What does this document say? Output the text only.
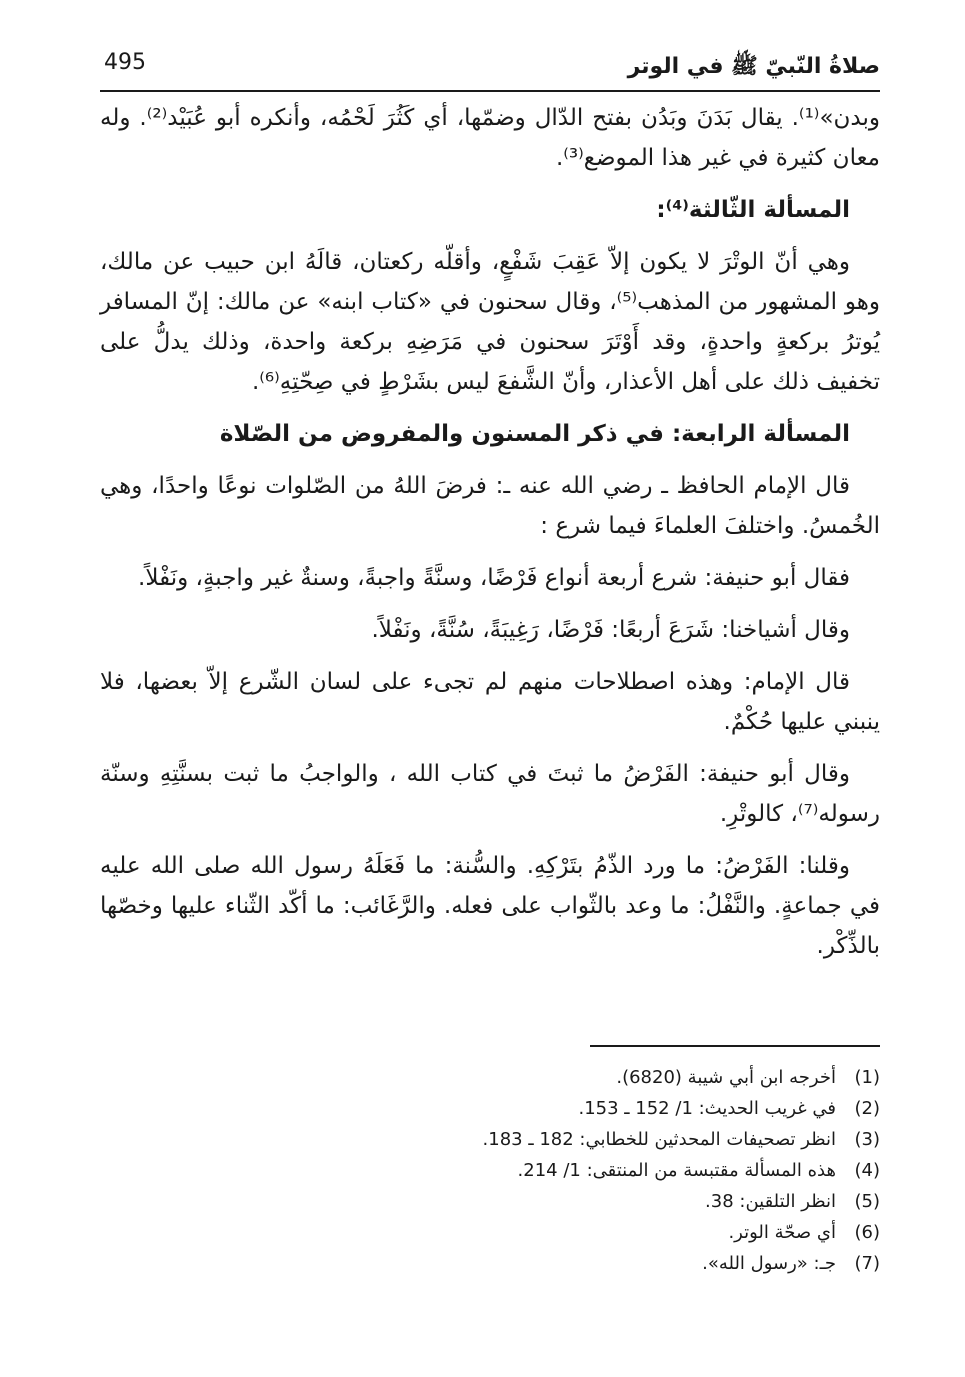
صلاةُ النّبيّ ﷺ في الوتر
495

وبدن»⁽¹⁾. يقال بَدَنَ وبَدُن بفتح الدّال وضمّها، أي كَثُرَ لَحْمُه، وأنكره أبو عُبَيْد⁽²⁾. وله معان كثيرة في غير هذا الموضع⁽³⁾.

المسألة الثّالثة⁽⁴⁾:

وهي أنّ الوتْرَ لا يكون إلاّ عَقِبَ شَفْعٍ، وأقلّه ركعتان، قالَهُ ابن حبيب عن مالك، وهو المشهور من المذهب⁽⁵⁾، وقال سحنون في «كتاب ابنه» عن مالك: إنّ المسافر يُوترُ بركعةٍ واحدةٍ، وقد أَوْتَرَ سحنون في مَرَضِهِ بركعة واحدة، وذلك يدلُّ على تخفيف ذلك على أهل الأعذار، وأنّ الشَّفعَ ليس بشَرْطٍ في صِحّتِهِ⁽⁶⁾.

المسألة الرابعة: في ذكر المسنون والمفروض من الصّلاة

قال الإمام الحافظ ـ رضي الله عنه ـ: فرضَ اللهُ من الصّلوات نوعًا واحدًا، وهي الخُمسُ. واختلفَ العلماءَ فيما شرع :

فقال أبو حنيفة: شرع أربعة أنواع فَرْضًا، وسنَّةً واجبةً، وسنةٌ غير واجبةٍ، ونَفْلاً.

وقال أشياخنا: شَرَعَ أربعًا: فَرْضًا، رَغِيبَةً، سُنَّةً، ونَفْلاً.

قال الإمام: وهذه اصطلاحات منهم لم تجىء على لسان الشّرع إلاّ بعضها، فلا ينبني عليها حُكْمٌ.

وقال أبو حنيفة: الفَرْضُ ما ثبتَ في كتاب الله ، والواجبُ ما ثبت بسنَّتِهِ وسنّة رسوله⁽⁷⁾، كالوتْرِ.

وقلنا: الفَرْضُ: ما ورد الذّمُ بتَرْكِهِ. والسُّنة: ما فَعَلَهُ رسول الله صلى الله عليه في جماعةٍ. والنَّفْلُ: ما وعد بالثّواب على فعله. والرَّغَائب: ما أكّد الثّناء عليها وخصّها بالذِّكْر.

(1)أخرجه ابن أبي شيبة (6820).
(2)في غريب الحديث: 1/ 152 ـ 153.
(3)انظر تصحيفات المحدثين للخطابي: 182 ـ 183.
(4)هذه المسألة مقتبسة من المنتقى: 1/ 214.
(5)انظر التلقين: 38.
(6)أي صحّة الوتر.
(7)جـ: «رسول الله».
